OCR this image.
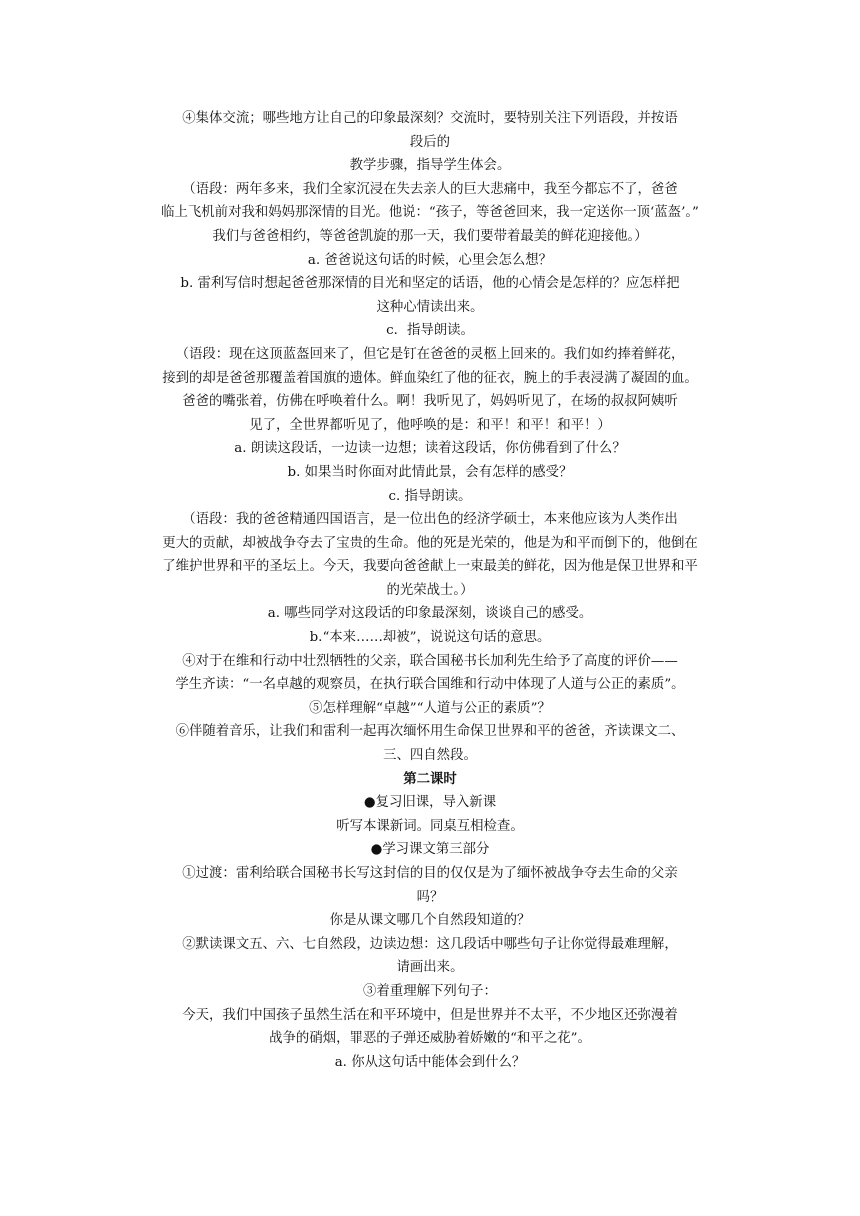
④集体交流；哪些地方让自己的印象最深刻？交流时，要特别关注下列语段，并按语

段后的

教学步骤，指导学生体会。

（语段：两年多来，我们全家沉浸在失去亲人的巨大悲痛中，我至今都忘不了，爸爸

临上飞机前对我和妈妈那深情的目光。他说：“孩子，等爸爸回来，我一定送你一顶‘蓝盔’。”

我们与爸爸相约，等爸爸凯旋的那一天，我们要带着最美的鲜花迎接他。）

a. 爸爸说这句话的时候，心里会怎么想？

b. 雷利写信时想起爸爸那深情的目光和坚定的话语，他的心情会是怎样的？应怎样把

这种心情读出来。

c．指导朗读。

（语段：现在这顶蓝盔回来了，但它是钉在爸爸的灵柩上回来的。我们如约捧着鲜花，

接到的却是爸爸那覆盖着国旗的遗体。鲜血染红了他的征衣，腕上的手表浸满了凝固的血。

爸爸的嘴张着，仿佛在呼唤着什么。啊！我听见了，妈妈听见了，在场的叔叔阿姨听

见了，全世界都听见了，他呼唤的是：和平！和平！和平！）

a. 朗读这段话，一边读一边想；读着这段话，你仿佛看到了什么？

b. 如果当时你面对此情此景，会有怎样的感受？

c. 指导朗读。

（语段：我的爸爸精通四国语言，是一位出色的经济学硕士，本来他应该为人类作出

更大的贡献，却被战争夺去了宝贵的生命。他的死是光荣的，他是为和平而倒下的，他倒在

了维护世界和平的圣坛上。今天，我要向爸爸献上一束最美的鲜花，因为他是保卫世界和平

的光荣战士。）

a. 哪些同学对这段话的印象最深刻，谈谈自己的感受。

b.“本来……却被”，说说这句话的意思。

④对于在维和行动中壮烈牺牲的父亲，联合国秘书长加利先生给予了高度的评价——

学生齐读：“一名卓越的观察员，在执行联合国维和行动中体现了人道与公正的素质”。

⑤怎样理解“卓越”“人道与公正的素质”？

⑥伴随着音乐，让我们和雷利一起再次缅怀用生命保卫世界和平的爸爸，齐读课文二、

三、四自然段。

第二课时

●复习旧课，导入新课

听写本课新词。同桌互相检查。

●学习课文第三部分

①过渡：雷利给联合国秘书长写这封信的目的仅仅是为了缅怀被战争夺去生命的父亲

吗？

你是从课文哪几个自然段知道的？

②默读课文五、六、七自然段，边读边想：这几段话中哪些句子让你觉得最难理解，

请画出来。

③着重理解下列句子：

今天，我们中国孩子虽然生活在和平环境中，但是世界并不太平，不少地区还弥漫着

战争的硝烟，罪恶的子弹还威胁着娇嫩的“和平之花”。

a. 你从这句话中能体会到什么？
